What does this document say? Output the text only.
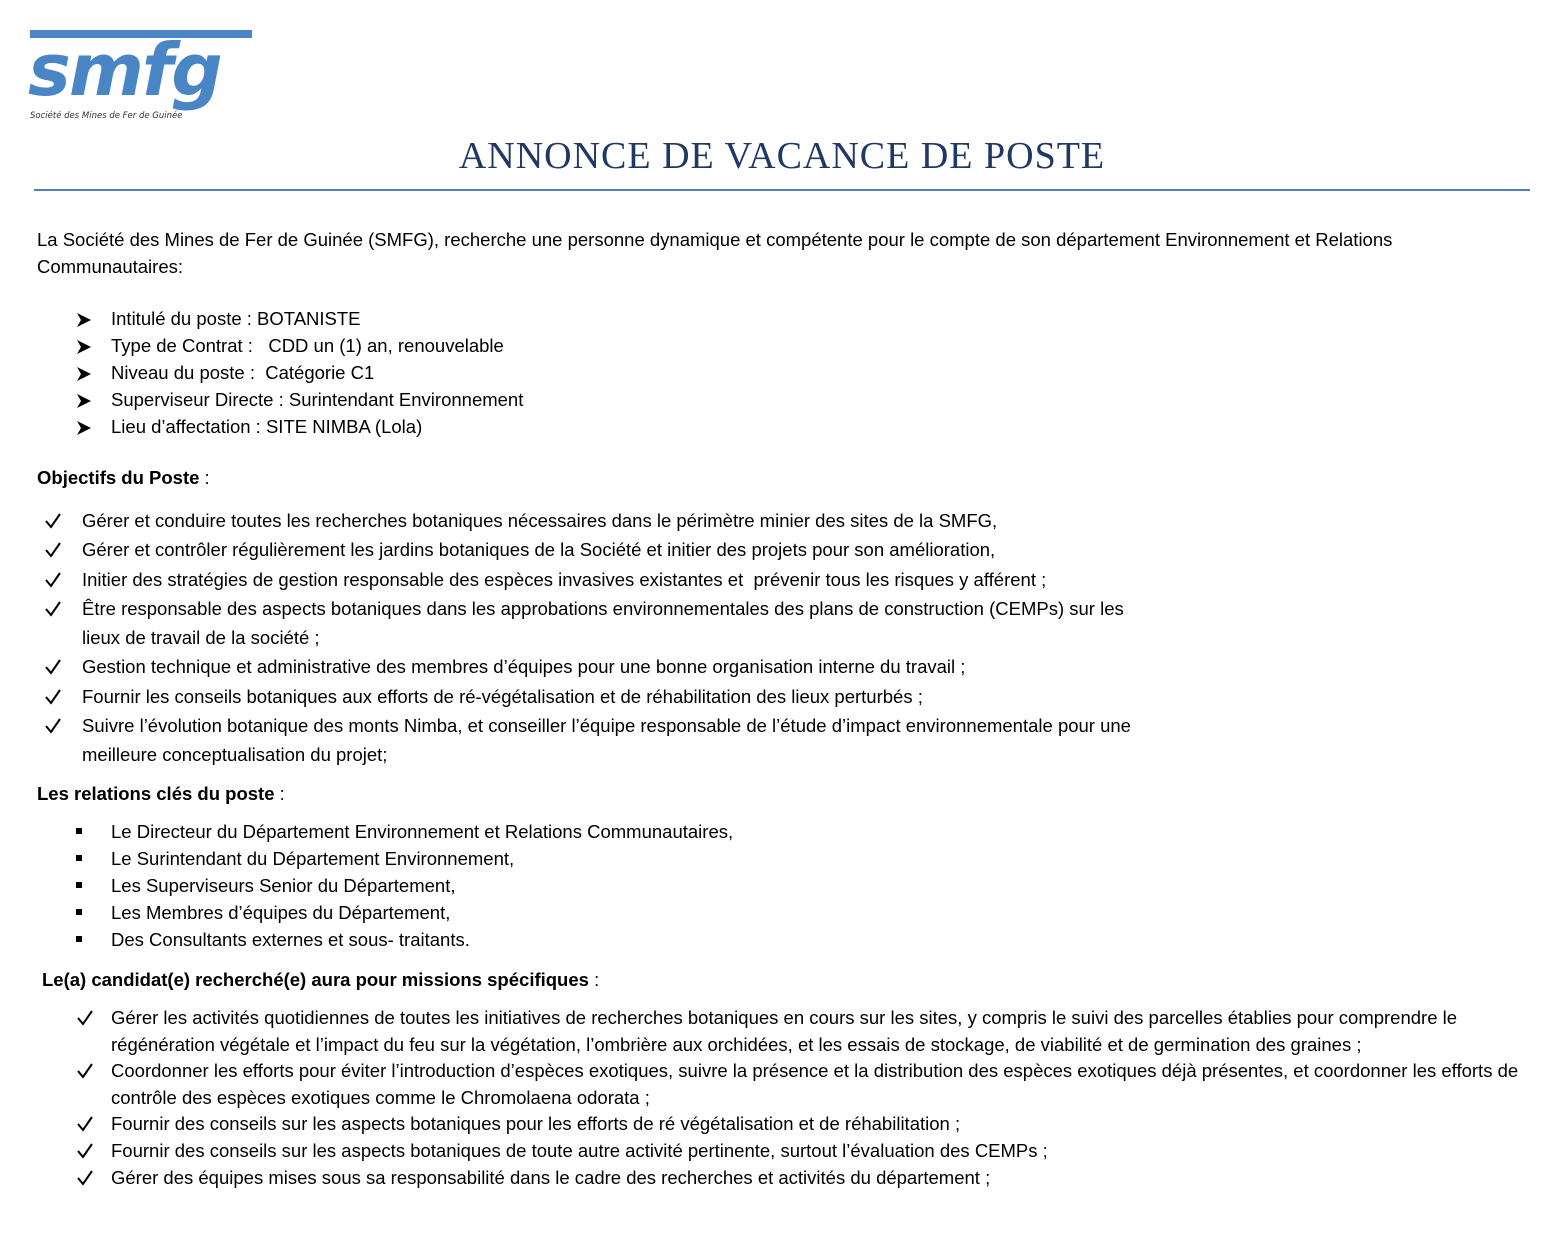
smfg
Société des Mines de Fer de Guinée
ANNONCE DE VACANCE DE POSTE

La Société des Mines de Fer de Guinée (SMFG), recherche une personne dynamique et compétente pour le compte de son département Environnement et Relations Communautaires:

Intitulé du poste : BOTANISTE
Type de Contrat :   CDD un (1) an, renouvelable
Niveau du poste :  Catégorie C1
Superviseur Directe : Surintendant Environnement
Lieu d’affectation : SITE NIMBA (Lola)

Objectifs du Poste :

Gérer et conduire toutes les recherches botaniques nécessaires dans le périmètre minier des sites de la SMFG,
Gérer et contrôler régulièrement les jardins botaniques de la Société et initier des projets pour son amélioration,
Initier des stratégies de gestion responsable des espèces invasives existantes et  prévenir tous les risques y afférent ;
Être responsable des aspects botaniques dans les approbations environnementales des plans de construction (CEMPs) sur les lieux de travail de la société ;
Gestion technique et administrative des membres d’équipes pour une bonne organisation interne du travail ;
Fournir les conseils botaniques aux efforts de ré-végétalisation et de réhabilitation des lieux perturbés ;
Suivre l’évolution botanique des monts Nimba, et conseiller l’équipe responsable de l’étude d’impact environnementale pour une meilleure conceptualisation du projet;

Les relations clés du poste :

Le Directeur du Département Environnement et Relations Communautaires,
Le Surintendant du Département Environnement,
Les Superviseurs Senior du Département,
Les Membres d’équipes du Département,
Des Consultants externes et sous- traitants.

Le(a) candidat(e) recherché(e) aura pour missions spécifiques :

Gérer les activités quotidiennes de toutes les initiatives de recherches botaniques en cours sur les sites, y compris le suivi des parcelles établies pour comprendre le régénération végétale et l’impact du feu sur la végétation, l’ombrière aux orchidées, et les essais de stockage, de viabilité et de germination des graines ;
Coordonner les efforts pour éviter l’introduction d’espèces exotiques, suivre la présence et la distribution des espèces exotiques déjà présentes, et coordonner les efforts de contrôle des espèces exotiques comme le Chromolaena odorata ;
Fournir des conseils sur les aspects botaniques pour les efforts de ré végétalisation et de réhabilitation ;
Fournir des conseils sur les aspects botaniques de toute autre activité pertinente, surtout l’évaluation des CEMPs ;
Gérer des équipes mises sous sa responsabilité dans le cadre des recherches et activités du département ;
